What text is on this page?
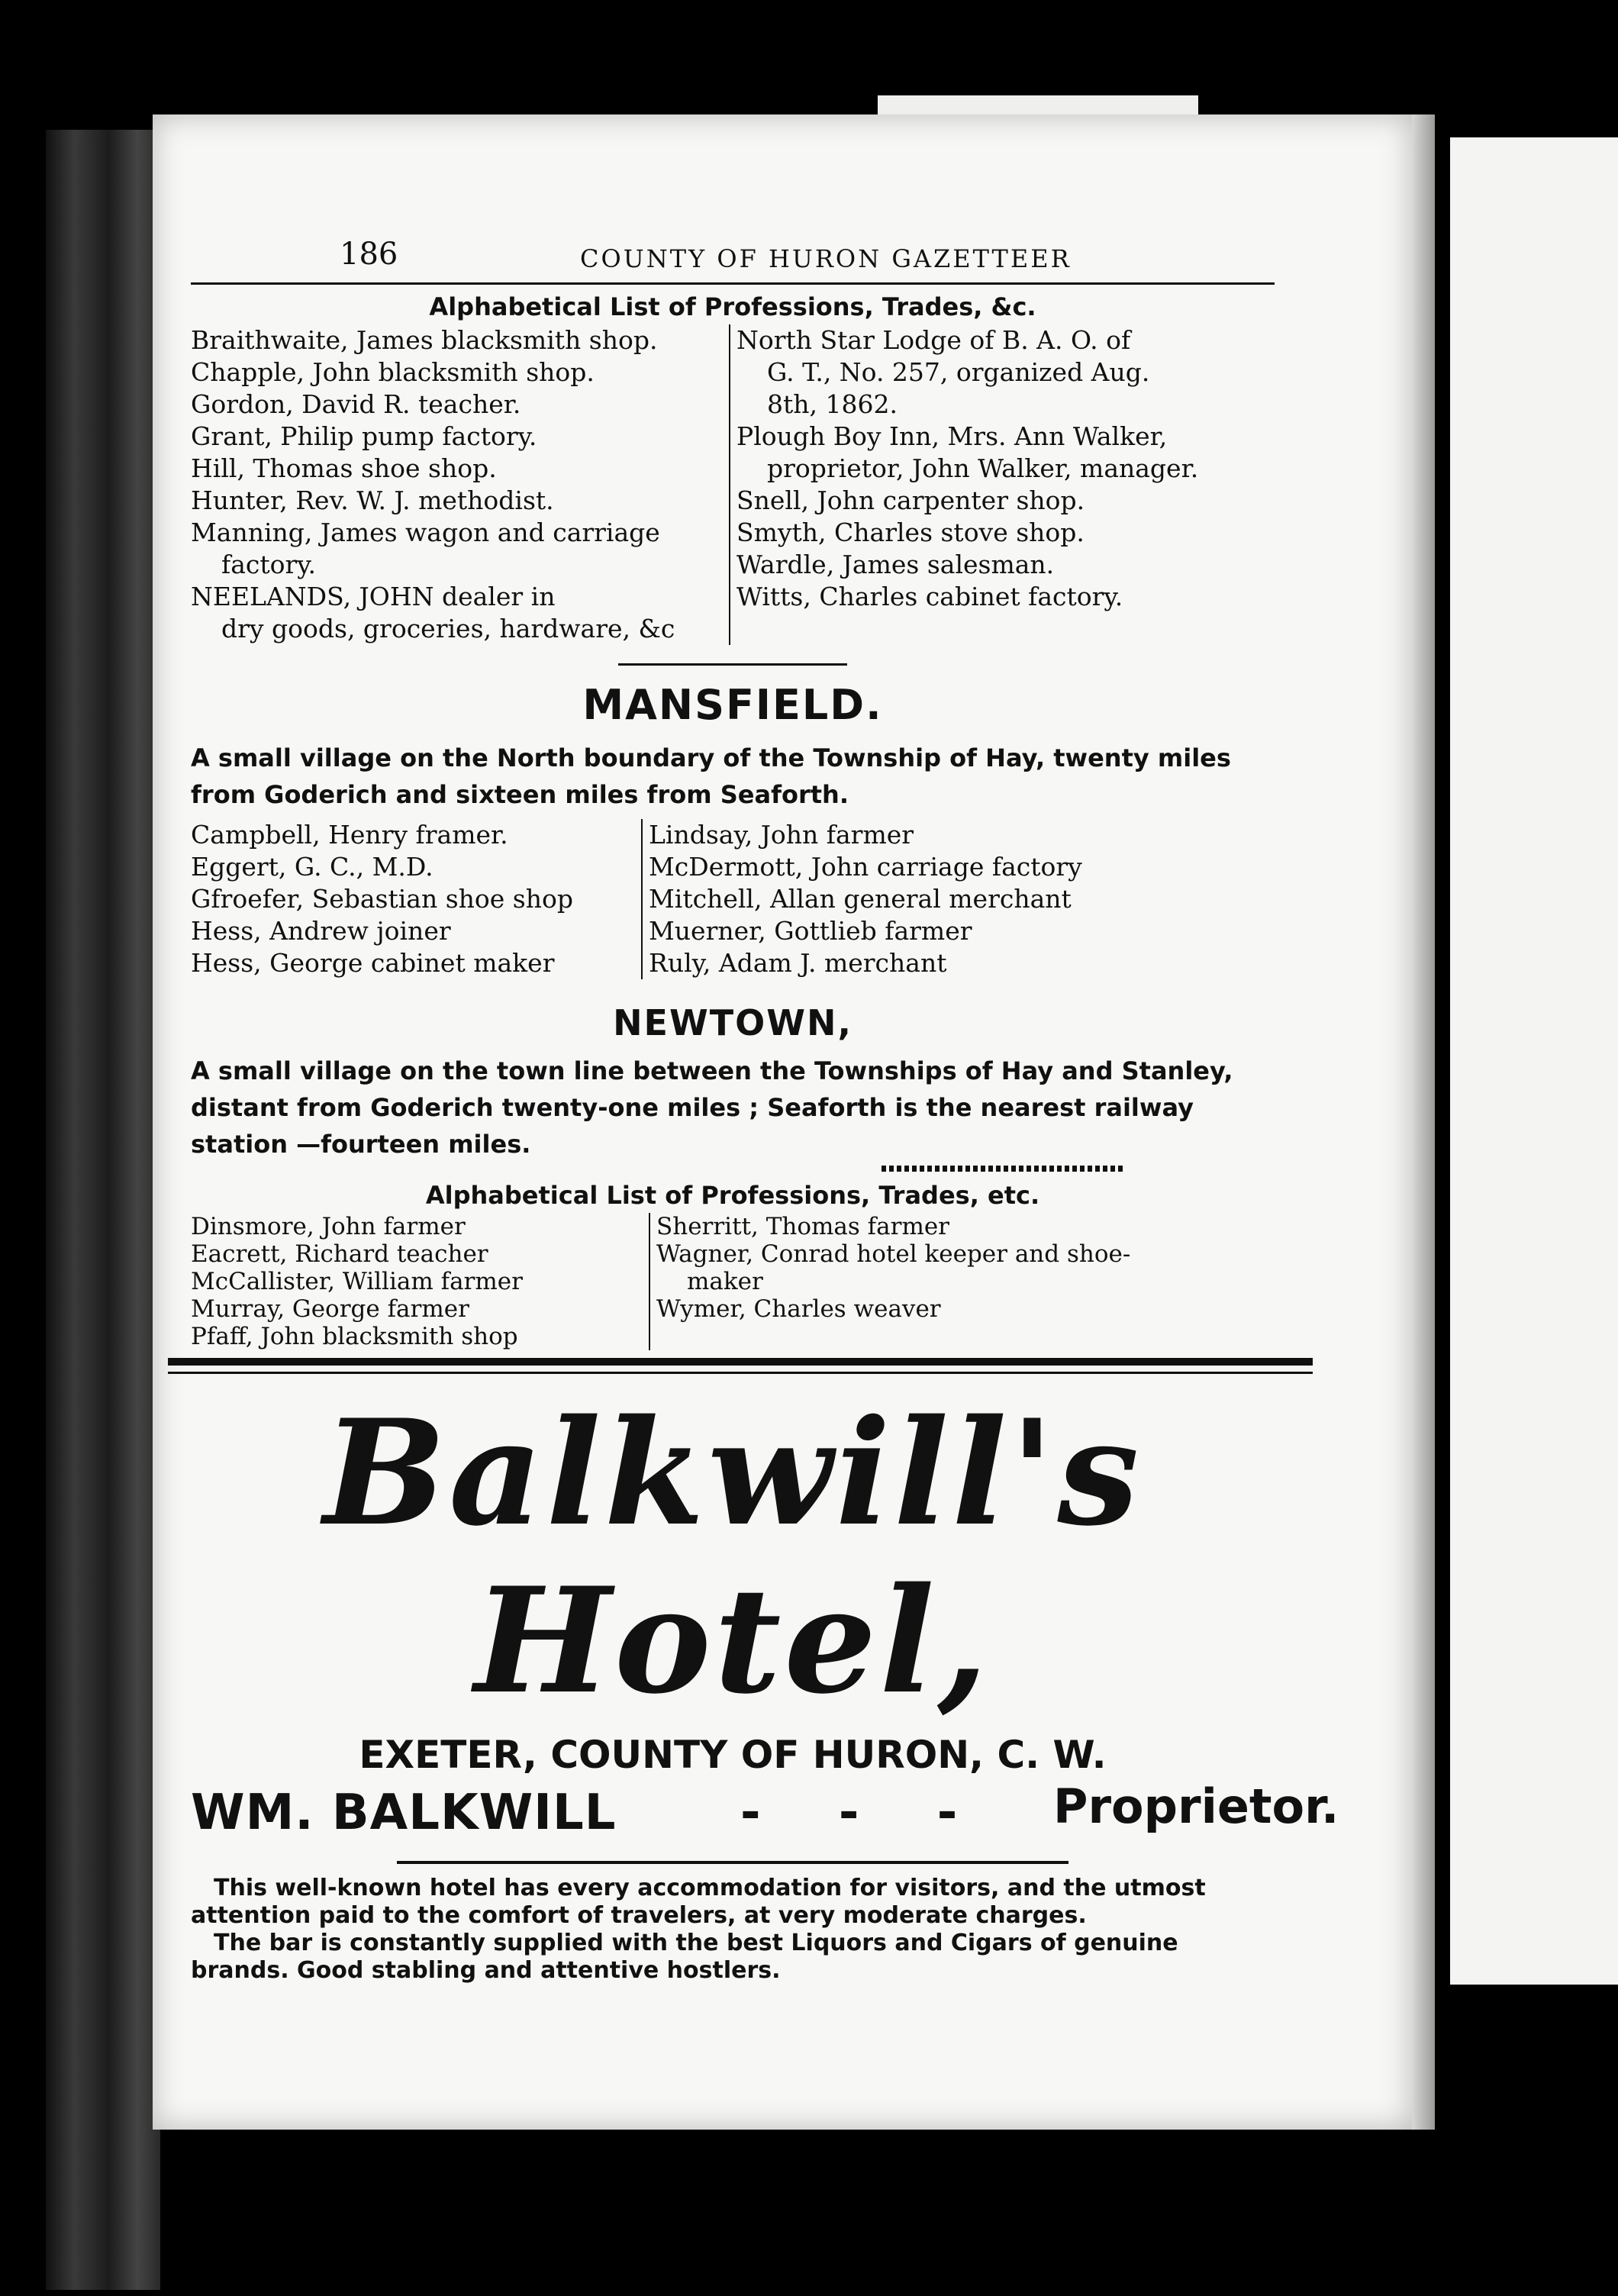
186	COUNTY OF HURON GAZETTEER
Alphabetical List of Professions, Trades, &c.
Braithwaite, James blacksmith shop.
Chapple, John blacksmith shop.
Gordon, David R. teacher.
Grant, Philip pump factory.
Hill, Thomas shoe shop.
Hunter, Rev. W. J. methodist.
Manning, James wagon and carriage
factory.
NEELANDS, JOHN dealer in
dry goods, groceries, hardware, &c
North Star Lodge of B. A. O. of
G. T., No. 257, organized Aug.
8th, 1862.
Plough Boy Inn, Mrs. Ann Walker,
proprietor, John Walker, manager.
Snell, John carpenter shop.
Smyth, Charles stove shop.
Wardle, James salesman.
Witts, Charles cabinet factory.
MANSFIELD.
A small village on the North boundary of the Township of Hay, twenty miles from Goderich and sixteen miles from Seaforth.
Campbell, Henry framer.
Eggert, G. C., M.D.
Gfroefer, Sebastian shoe shop
Hess, Andrew joiner
Hess, George cabinet maker
Lindsay, John farmer
McDermott, John carriage factory
Mitchell, Allan general merchant
Muerner, Gottlieb farmer
Ruly, Adam J. merchant
NEWTOWN,
A small village on the town line between the Townships of Hay and Stanley, distant from Goderich twenty-one miles ; Seaforth is the nearest railway station —fourteen miles.
Alphabetical List of Professions, Trades, etc.
Dinsmore, John farmer
Eacrett, Richard teacher
McCallister, William farmer
Murray, George farmer
Pfaff, John blacksmith shop
Sherritt, Thomas farmer
Wagner, Conrad hotel keeper and shoe-
maker
Wymer, Charles weaver
Balkwill's Hotel,
EXETER, COUNTY OF HURON, C. W.
WM. BALKWILL	- - - Proprietor.
This well-known hotel has every accommodation for visitors, and the utmost attention paid to the comfort of travelers, at very moderate charges.
The bar is constantly supplied with the best Liquors and Cigars of genuine brands. Good stabling and attentive hostlers.
